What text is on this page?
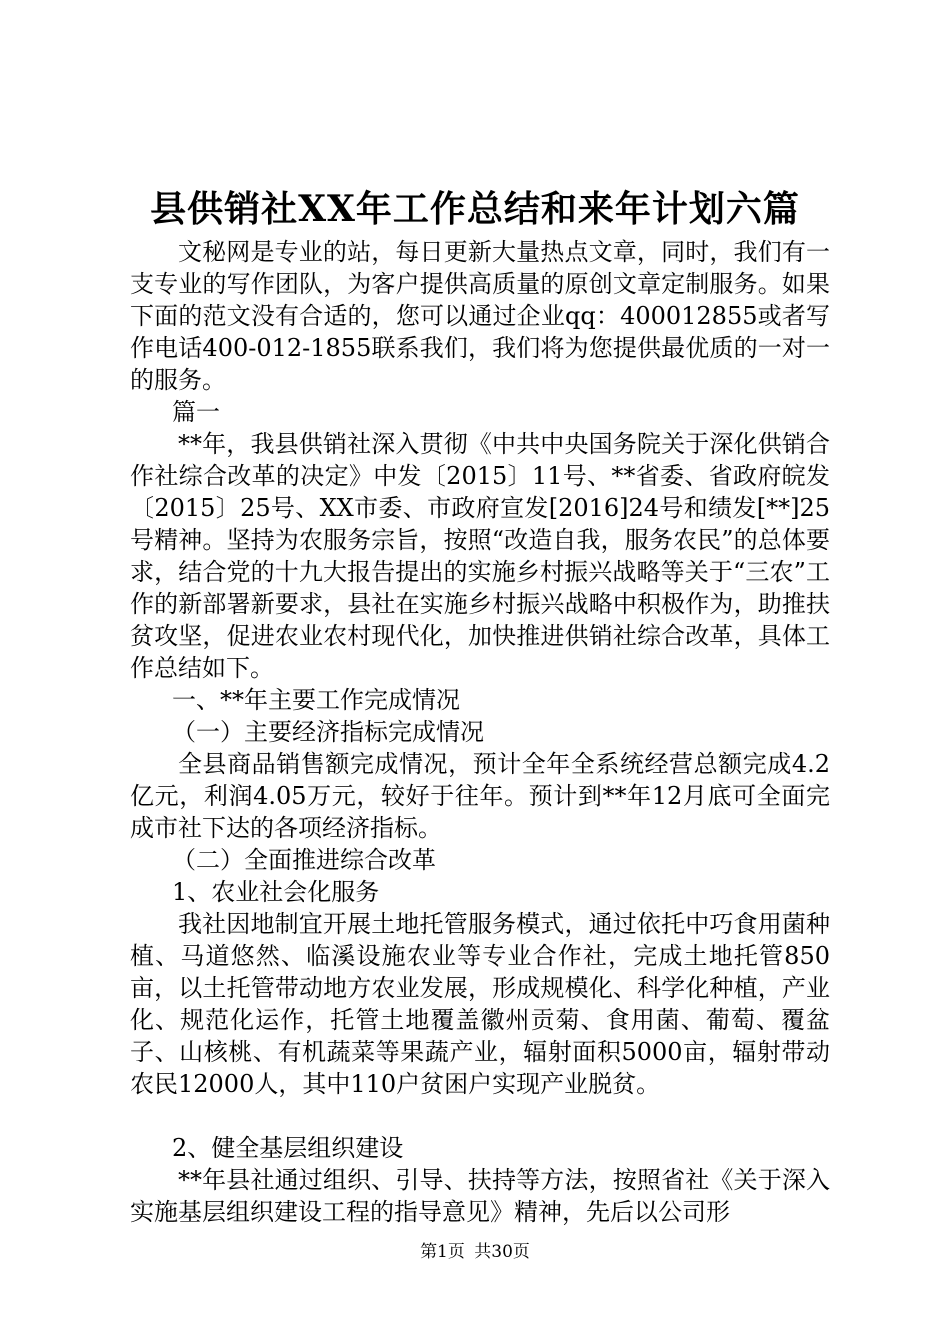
县供销社XX年工作总结和来年计划六篇

文秘网是专业的站，每日更新大量热点文章，同时，我们有一支专业的写作团队，为客户提供高质量的原创文章定制服务。如果下面的范文没有合适的，您可以通过企业qq：400012855或者写作电话400-012-1855联系我们，我们将为您提供最优质的一对一的服务。

篇一

**年，我县供销社深入贯彻《中共中央国务院关于深化供销合作社综合改革的决定》中发〔2015〕11号、**省委、省政府皖发〔2015〕25号、XX市委、市政府宣发[2016]24号和绩发[**]25号精神。坚持为农服务宗旨，按照“改造自我，服务农民”的总体要求，结合党的十九大报告提出的实施乡村振兴战略等关于“三农”工作的新部署新要求，县社在实施乡村振兴战略中积极作为，助推扶贫攻坚，促进农业农村现代化，加快推进供销社综合改革，具体工作总结如下。

一、**年主要工作完成情况

（一）主要经济指标完成情况

全县商品销售额完成情况，预计全年全系统经营总额完成4.2亿元，利润4.05万元，较好于往年。预计到**年12月底可全面完成市社下达的各项经济指标。

（二）全面推进综合改革

1、农业社会化服务

我社因地制宜开展土地托管服务模式，通过依托中巧食用菌种植、马道悠然、临溪设施农业等专业合作社，完成土地托管850亩，以土托管带动地方农业发展，形成规模化、科学化种植，产业化、规范化运作，托管土地覆盖徽州贡菊、食用菌、葡萄、覆盆子、山核桃、有机蔬菜等果蔬产业，辐射面积5000亩，辐射带动农民12000人，其中110户贫困户实现产业脱贫。

2、健全基层组织建设

**年县社通过组织、引导、扶持等方法，按照省社《关于深入实施基层组织建设工程的指导意见》精神，先后以公司形

第1页 共30页
